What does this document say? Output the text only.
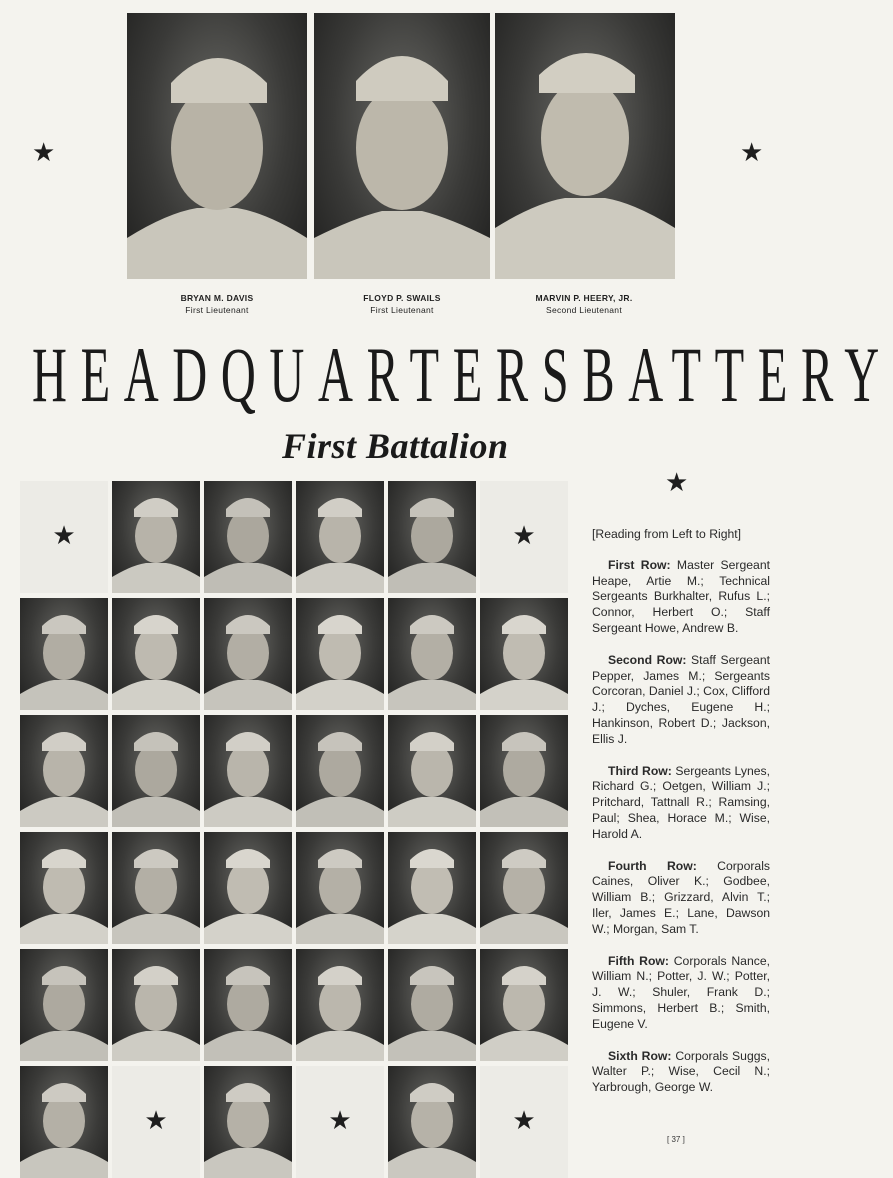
★	★
BRYAN M. DAVIS
First Lieutenant
FLOYD P. SWAILS
First Lieutenant
MARVIN P. HEERY, JR.
Second Lieutenant
HEADQUARTERS BATTERY
First Battalion
★
★	★
★	★	★
[Reading from Left to Right]

First Row: Master Sergeant Heape, Artie M.; Technical Sergeants Burkhalter, Rufus L.; Connor, Herbert O.; Staff Sergeant Howe, Andrew B.

Second Row: Staff Sergeant Pepper, James M.; Sergeants Corcoran, Daniel J.; Cox, Clifford J.; Dyches, Eugene H.; Hankinson, Robert D.; Jackson, Ellis J.

Third Row: Sergeants Lynes, Richard G.; Oetgen, William J.; Pritchard, Tattnall R.; Ramsing, Paul; Shea, Horace M.; Wise, Harold A.

Fourth Row: Corporals Caines, Oliver K.; Godbee, William B.; Grizzard, Alvin T.; Iler, James E.; Lane, Dawson W.; Morgan, Sam T.

Fifth Row: Corporals Nance, William N.; Potter, J. W.; Potter, J. W.; Shuler, Frank D.; Simmons, Herbert B.; Smith, Eugene V.

Sixth Row: Corporals Suggs, Walter P.; Wise, Cecil N.; Yarbrough, George W.

[ 37 ]
